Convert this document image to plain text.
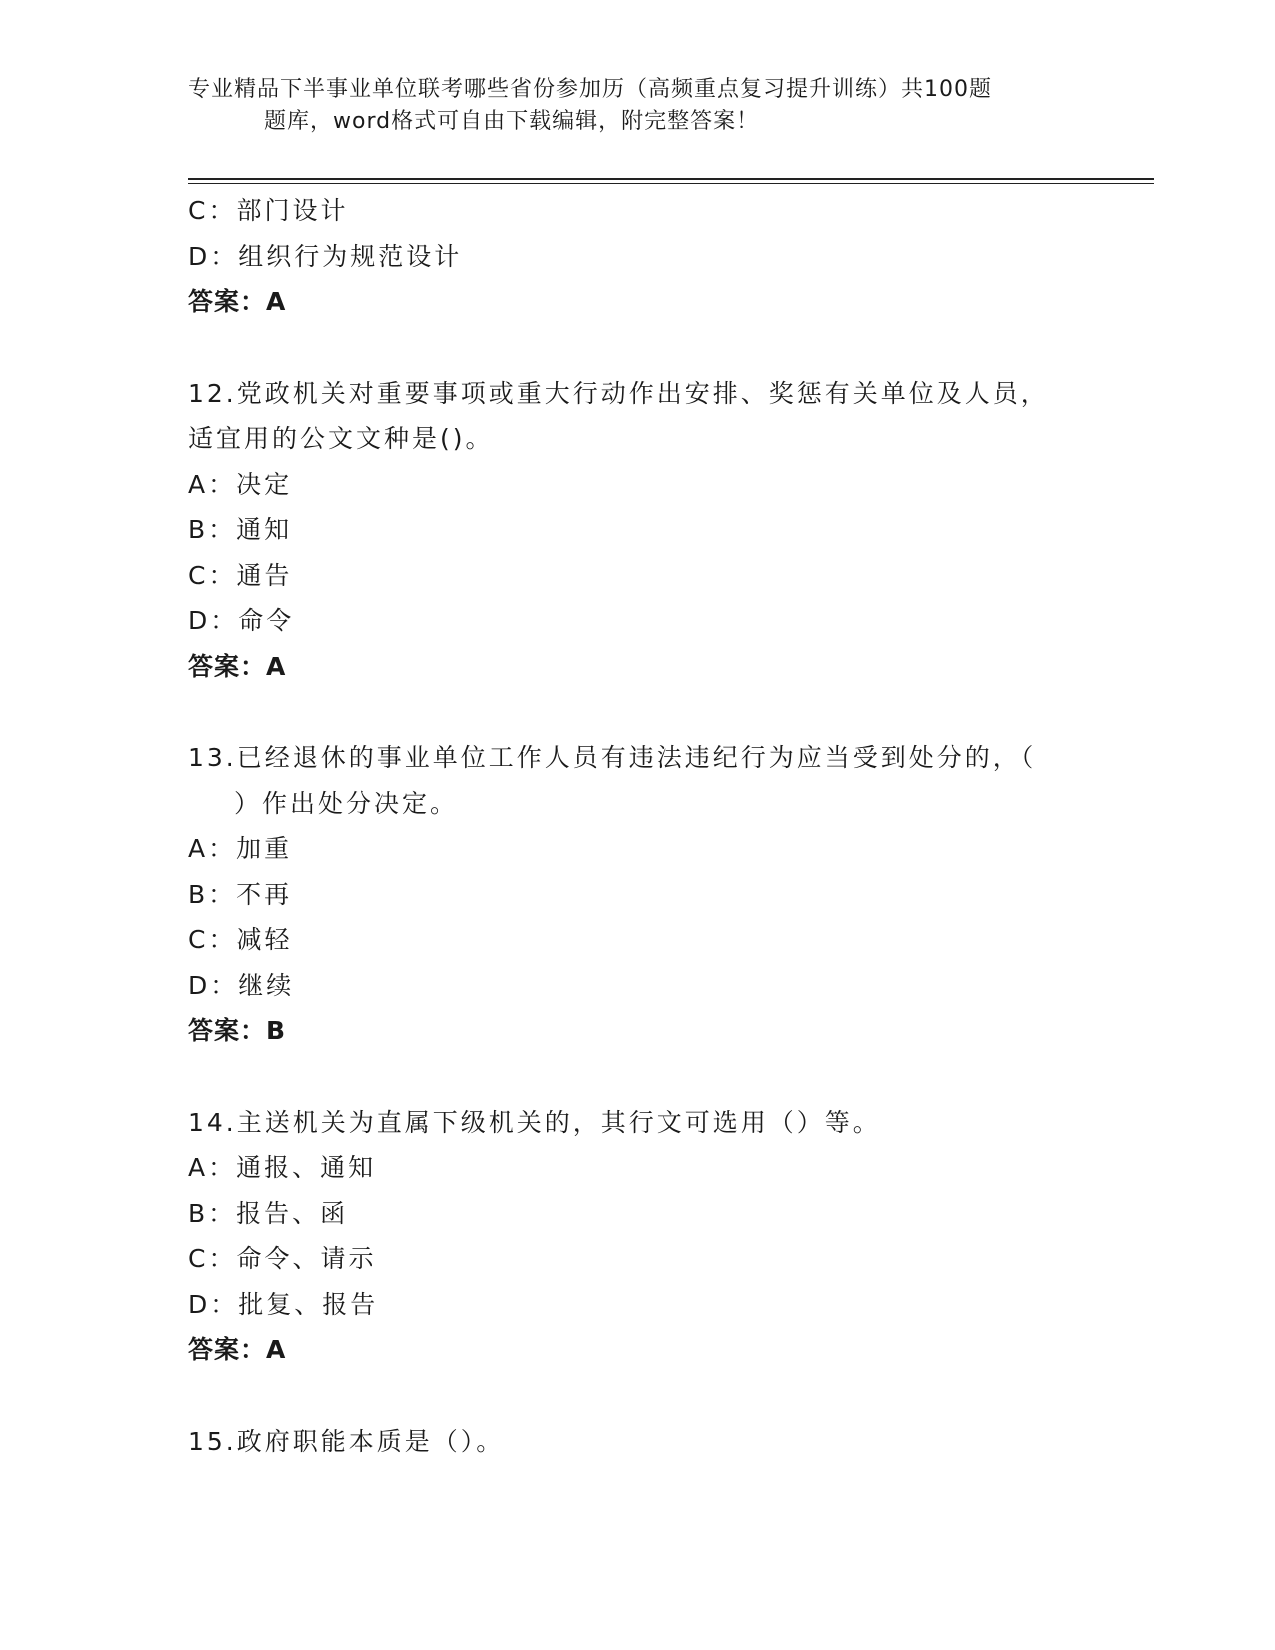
专业精品下半事业单位联考哪些省份参加历（高频重点复习提升训练）共100题
题库，word格式可自由下载编辑，附完整答案！
C：部门设计
D：组织行为规范设计
答案：A
12.党政机关对重要事项或重大行动作出安排、奖惩有关单位及人员，
适宜用的公文文种是()。
A：决定
B：通知
C：通告
D：命令
答案：A
13.已经退休的事业单位工作人员有违法违纪行为应当受到处分的，（
）作出处分决定。
A：加重
B：不再
C：减轻
D：继续
答案：B
14.主送机关为直属下级机关的，其行文可选用（）等。
A：通报、通知
B：报告、函
C：命令、请示
D：批复、报告
答案：A
15.政府职能本质是（）。
